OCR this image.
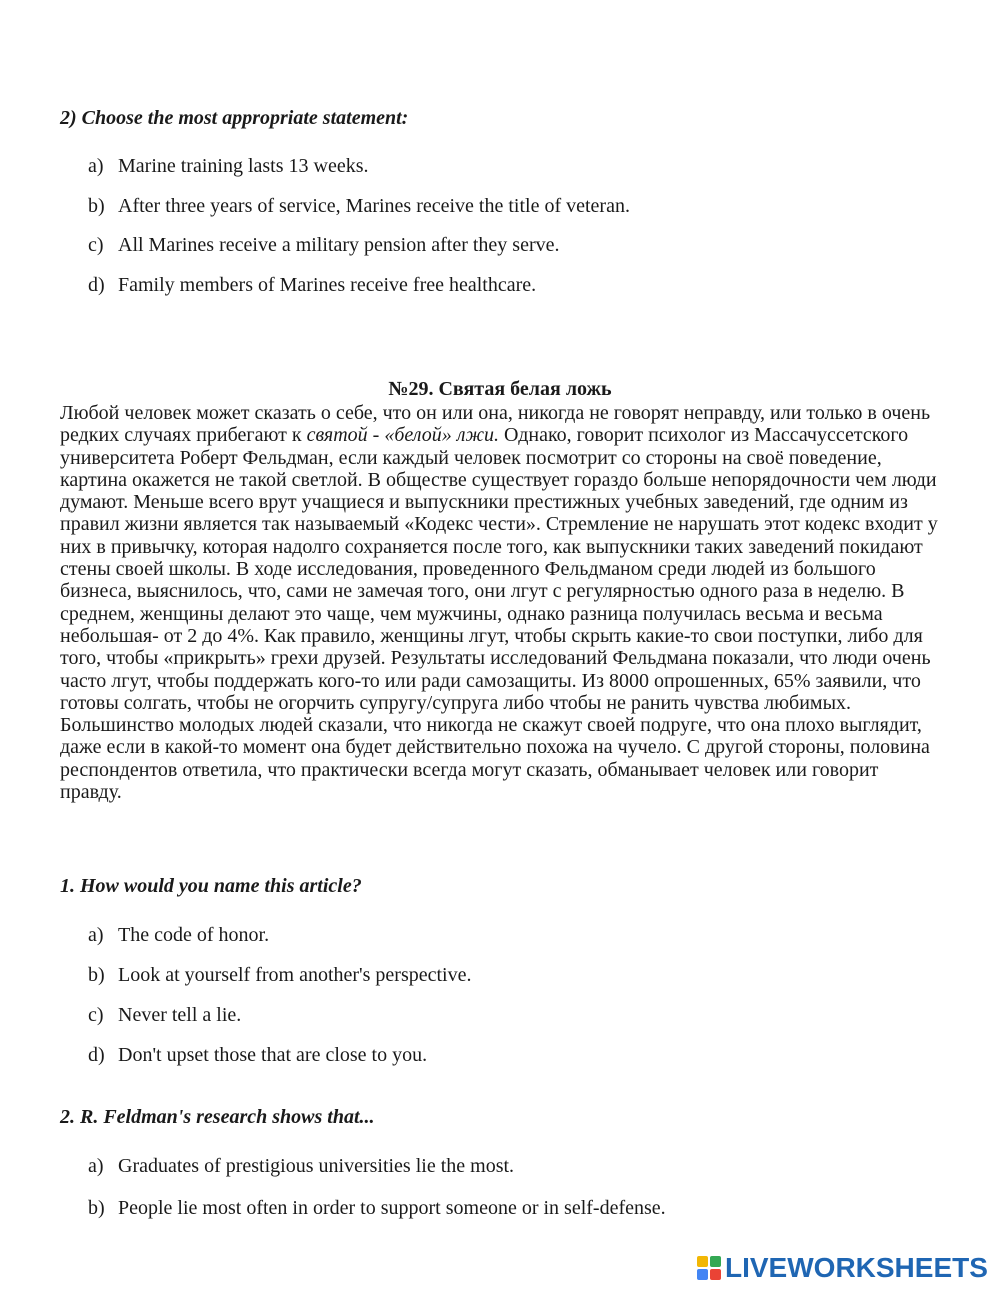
2) Choose the most appropriate statement:
a) Marine training lasts 13 weeks.
b) After three years of service, Marines receive the title of veteran.
c) All Marines receive a military pension after they serve.
d) Family members of Marines receive free healthcare.
№29. Святая белая ложь

Любой человек может сказать о себе, что он или она, никогда не говорят неправду, или только в очень редких случаях прибегают к святой - «белой» лжи. Однако, говорит психолог из Массачуссетского университета Роберт Фельдман, если каждый человек посмотрит со стороны на своё поведение, картина окажется не такой светлой. В обществе существует гораздо больше непорядочности чем люди думают. Меньше всего врут учащиеся и выпускники престижных учебных заведений, где одним из правил жизни является так называемый «Кодекс чести». Стремление не нарушать этот кодекс входит у них в привычку, которая надолго сохраняется после того, как выпускники таких заведений покидают стены своей школы. В ходе исследования, проведенного Фельдманом среди людей из большого бизнеса, выяснилось, что, сами не замечая того, они лгут с регулярностью одного раза в неделю. В среднем, женщины делают это чаще, чем мужчины, однако разница получилась весьма и весьма небольшая- от 2 до 4%. Как правило, женщины лгут, чтобы скрыть какие-то свои поступки, либо для того, чтобы «прикрыть» грехи друзей. Результаты исследований Фельдмана показали, что люди очень часто лгут, чтобы поддержать кого-то или ради самозащиты. Из 8000 опрошенных, 65% заявили, что готовы солгать, чтобы не огорчить супругу/супруга либо чтобы не ранить чувства любимых. Большинство молодых людей сказали, что никогда не скажут своей подруге, что она плохо выглядит, даже если в какой-то момент она будет действительно похожа на чучело. С другой стороны, половина респондентов ответила, что практически всегда могут сказать, обманывает человек или говорит правду.

1. How would you name this article?
a) The code of honor.
b) Look at yourself from another's perspective.
c) Never tell a lie.
d) Don't upset those that are close to you.
2. R. Feldman's research shows that...
a) Graduates of prestigious universities lie the most.
b) People lie most often in order to support someone or in self-defense.
LIVEWORKSHEETS
